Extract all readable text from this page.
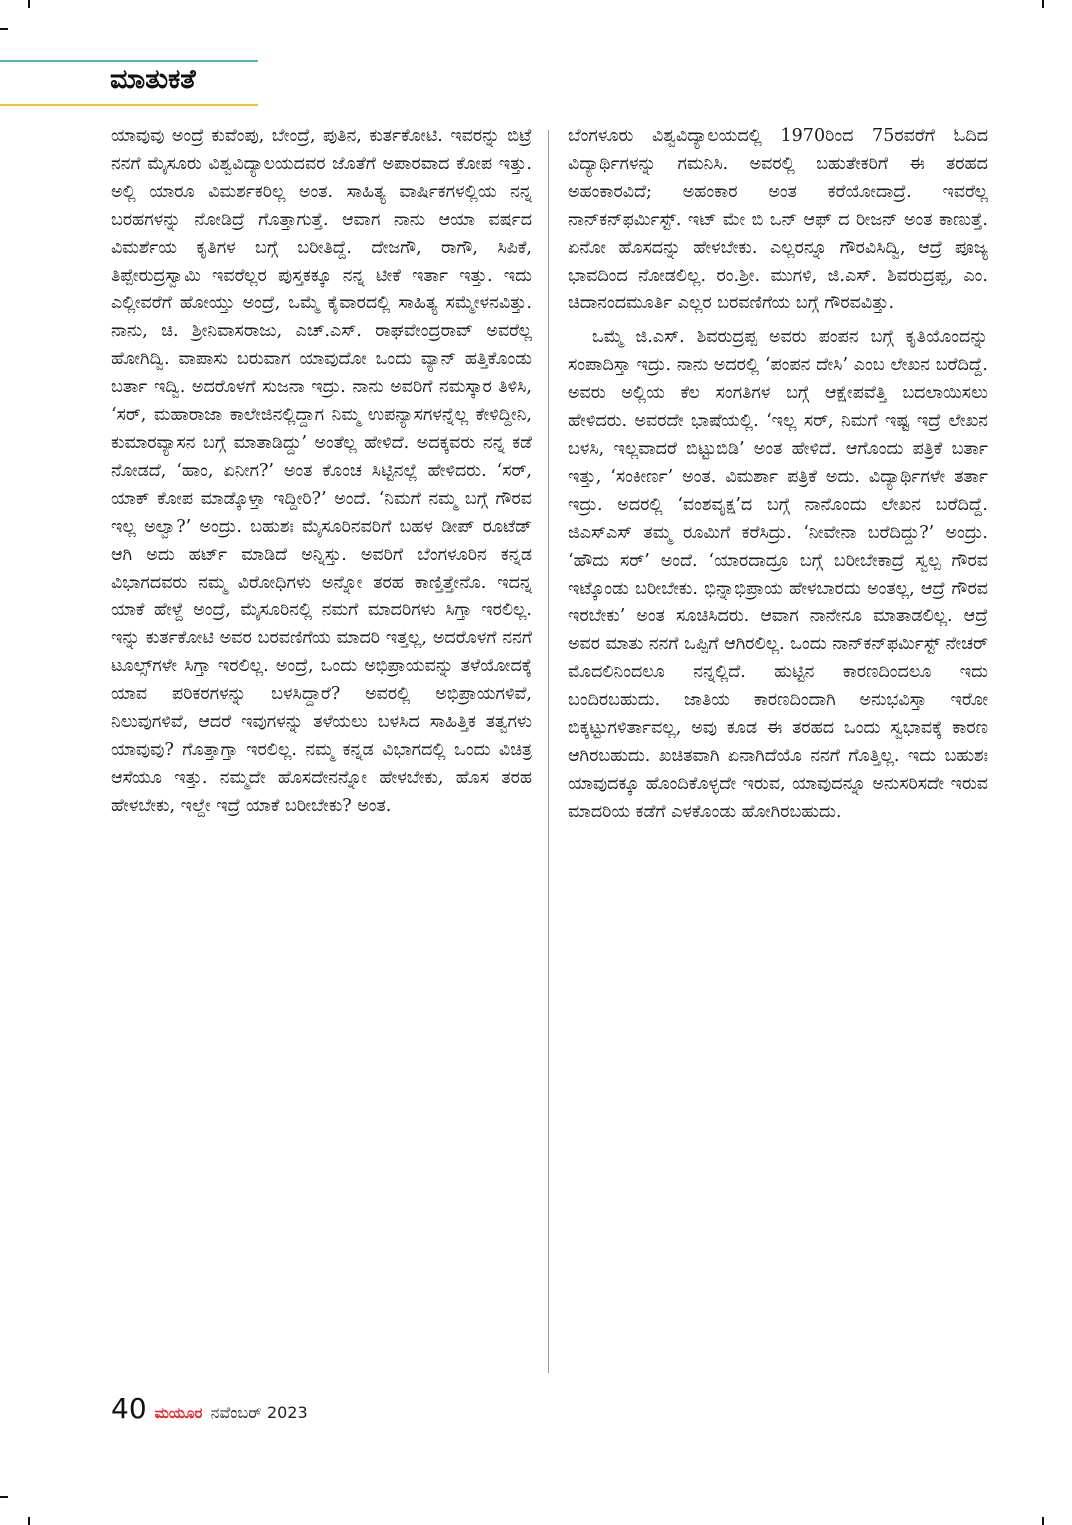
ಮಾತುಕತೆ

ಯಾವುವು ಅಂದ್ರೆ ಕುವೆಂಪು, ಬೇಂದ್ರೆ, ಪುತಿನ, ಕುರ್ತಕೋಟಿ. ಇವರನ್ನು ಬಿಟ್ರೆ ನನಗೆ ಮೈಸೂರು ವಿಶ್ವವಿದ್ಯಾಲಯದವರ ಜೊತೆಗೆ ಅಪಾರವಾದ ಕೋಪ ಇತ್ತು. ಅಲ್ಲಿ ಯಾರೂ ವಿಮರ್ಶಕರಿಲ್ಲ ಅಂತ. ಸಾಹಿತ್ಯ ವಾರ್ಷಿಕಗಳಲ್ಲಿಯ ನನ್ನ ಬರಹಗಳನ್ನು ನೋಡಿದ್ರೆ ಗೊತ್ತಾಗುತ್ತೆ. ಆವಾಗ ನಾನು ಆಯಾ ವರ್ಷದ ವಿಮರ್ಶೆಯ ಕೃತಿಗಳ ಬಗ್ಗೆ ಬರೀತಿದ್ದೆ. ದೇಜಗೌ, ರಾಗೌ, ಸಿಪಿಕೆ, ತಿಪ್ಪೇರುದ್ರಸ್ವಾಮಿ ಇವರೆಲ್ಲರ ಪುಸ್ತಕಕ್ಕೂ ನನ್ನ ಟೀಕೆ ಇರ್ತಾ ಇತ್ತು. ಇದು ಎಲ್ಲೀವರೆಗೆ ಹೋಯ್ತು ಅಂದ್ರೆ, ಒಮ್ಮೆ ಕೈವಾರದಲ್ಲಿ ಸಾಹಿತ್ಯ ಸಮ್ಮೇಳನವಿತ್ತು. ನಾನು, ಚಿ. ಶ್ರೀನಿವಾಸರಾಜು, ಎಚ್.ಎಸ್. ರಾಘವೇಂದ್ರರಾವ್ ಅವರೆಲ್ಲ ಹೋಗಿದ್ವಿ. ವಾಪಾಸು ಬರುವಾಗ ಯಾವುದೋ ಒಂದು ವ್ಯಾನ್ ಹತ್ತಿಕೊಂಡು ಬರ್ತಾ ಇದ್ವಿ. ಅದರೊಳಗೆ ಸುಜನಾ ಇದ್ರು. ನಾನು ಅವರಿಗೆ ನಮಸ್ಕಾರ ತಿಳಿಸಿ, ‘ಸರ್, ಮಹಾರಾಜಾ ಕಾಲೇಜಿನಲ್ಲಿದ್ದಾಗ ನಿಮ್ಮ ಉಪನ್ಯಾಸಗಳನ್ನೆಲ್ಲ ಕೇಳಿದ್ದೀನಿ, ಕುಮಾರವ್ಯಾಸನ ಬಗ್ಗೆ ಮಾತಾಡಿದ್ದು’ ಅಂತೆಲ್ಲ ಹೇಳಿದೆ. ಅದಕ್ಕವರು ನನ್ನ ಕಡೆ ನೋಡದೆ, ‘ಹಾಂ, ಏನೀಗ?’ ಅಂತ ಕೊಂಚ ಸಿಟ್ಟಿನಲ್ಲೆ ಹೇಳಿದರು. ‘ಸರ್, ಯಾಕ್ ಕೋಪ ಮಾಡ್ಕೊಳ್ತಾ ಇದ್ದೀರಿ?’ ಅಂದೆ. ‘ನಿಮಗೆ ನಮ್ಮ ಬಗ್ಗೆ ಗೌರವ ಇಲ್ಲ ಅಲ್ವಾ?’ ಅಂದ್ರು. ಬಹುಶಃ ಮೈಸೂರಿನವರಿಗೆ ಬಹಳ ಡೀಪ್ ರೂಟೆಡ್ ಆಗಿ ಅದು ಹರ್ಟ್ ಮಾಡಿದೆ ಅನ್ನಿಸ್ತು. ಅವರಿಗೆ ಬೆಂಗಳೂರಿನ ಕನ್ನಡ ವಿಭಾಗದವರು ನಮ್ಮ ವಿರೋಧಿಗಳು ಅನ್ನೋ ತರಹ ಕಾಣ್ತಿತ್ತೇನೊ. ಇದನ್ನ ಯಾಕೆ ಹೇಳ್ದೆ ಅಂದ್ರೆ, ಮೈಸೂರಿನಲ್ಲಿ ನಮಗೆ ಮಾದರಿಗಳು ಸಿಗ್ತಾ ಇರಲಿಲ್ಲ. ಇನ್ನು ಕುರ್ತಕೋಟಿ ಅವರ ಬರವಣಿಗೆಯ ಮಾದರಿ ಇತ್ತಲ್ಲ, ಅದರೊಳಗೆ ನನಗೆ ಟೂಲ್ಸ್‌ಗಳೇ ಸಿಗ್ತಾ ಇರಲಿಲ್ಲ. ಅಂದ್ರೆ, ಒಂದು ಅಭಿಪ್ರಾಯವನ್ನು ತಳೆಯೋದಕ್ಕೆ ಯಾವ ಪರಿಕರಗಳನ್ನು ಬಳಸಿದ್ದಾರೆ? ಅವರಲ್ಲಿ ಅಭಿಪ್ರಾಯಗಳಿವೆ, ನಿಲುವುಗಳಿವೆ, ಆದರೆ ಇವುಗಳನ್ನು ತಳೆಯಲು ಬಳಸಿದ ಸಾಹಿತ್ತಿಕ ತತ್ವಗಳು ಯಾವುವು? ಗೊತ್ತಾಗ್ತಾ ಇರಲಿಲ್ಲ. ನಮ್ಮ ಕನ್ನಡ ವಿಭಾಗದಲ್ಲಿ ಒಂದು ವಿಚಿತ್ರ ಆಸೆಯೂ ಇತ್ತು. ನಮ್ಮದೇ ಹೊಸದೇನನ್ನೋ ಹೇಳಬೇಕು, ಹೊಸ ತರಹ ಹೇಳಬೇಕು, ಇಲ್ದೇ ಇದ್ರೆ ಯಾಕೆ ಬರೀಬೇಕು? ಅಂತ.

ಬೆಂಗಳೂರು ವಿಶ್ವವಿದ್ಯಾಲಯದಲ್ಲಿ 1970ರಿಂದ 75ರವರೆಗೆ ಓದಿದ ವಿದ್ಯಾರ್ಥಿಗಳನ್ನು ಗಮನಿಸಿ. ಅವರಲ್ಲಿ ಬಹುತೇಕರಿಗೆ ಈ ತರಹದ ಅಹಂಕಾರವಿದೆ; ಅಹಂಕಾರ ಅಂತ ಕರೆಯೋದಾದ್ರೆ. ಇವರೆಲ್ಲ ನಾನ್‌ಕನ್‌ಫರ್ಮಿಸ್ಟ್. ಇಟ್ ಮೇ ಬಿ ಒನ್ ಆಫ್ ದ ರೀಜನ್ ಅಂತ ಕಾಣುತ್ತೆ. ಏನೋ ಹೊಸದನ್ನು ಹೇಳಬೇಕು. ಎಲ್ಲರನ್ನೂ ಗೌರವಿಸಿದ್ವಿ, ಆದ್ರೆ ಪೂಜ್ಯ ಭಾವದಿಂದ ನೋಡಲಿಲ್ಲ. ರಂ.ಶ್ರೀ. ಮುಗಳಿ, ಜಿ.ಎಸ್. ಶಿವರುದ್ರಪ್ಪ, ಎಂ. ಚಿದಾನಂದಮೂರ್ತಿ ಎಲ್ಲರ ಬರವಣಿಗೆಯ ಬಗ್ಗೆ ಗೌರವವಿತ್ತು.

ಒಮ್ಮೆ ಜಿ.ಎಸ್. ಶಿವರುದ್ರಪ್ಪ ಅವರು ಪಂಪನ ಬಗ್ಗೆ ಕೃತಿಯೊಂದನ್ನು ಸಂಪಾದಿಸ್ತಾ ಇದ್ರು. ನಾನು ಅದರಲ್ಲಿ ‘ಪಂಪನ ದೇಸಿ’ ಎಂಬ ಲೇಖನ ಬರೆದಿದ್ದೆ. ಅವರು ಅಲ್ಲಿಯ ಕೆಲ ಸಂಗತಿಗಳ ಬಗ್ಗೆ ಆಕ್ಷೇಪವೆತ್ತಿ ಬದಲಾಯಿಸಲು ಹೇಳಿದರು. ಅವರದೇ ಭಾಷೆಯಲ್ಲಿ. ‘ಇಲ್ಲ ಸರ್, ನಿಮಗೆ ಇಷ್ಟ ಇದ್ರೆ ಲೇಖನ ಬಳಸಿ, ಇಲ್ಲವಾದರೆ ಬಿಟ್ಟುಬಿಡಿ’ ಅಂತ ಹೇಳಿದೆ. ಆಗೊಂದು ಪತ್ರಿಕೆ ಬರ್ತಾ ಇತ್ತು, ‘ಸಂಕೀರ್ಣ’ ಅಂತ. ವಿಮರ್ಶಾ ಪತ್ರಿಕೆ ಅದು. ವಿದ್ಯಾರ್ಥಿಗಳೇ ತರ್ತಾ ಇದ್ರು. ಅದರಲ್ಲಿ ‘ವಂಶವೃಕ್ಷ’ದ ಬಗ್ಗೆ ನಾನೊಂದು ಲೇಖನ ಬರೆದಿದ್ದೆ. ಜಿಎಸ್‌ಎಸ್ ತಮ್ಮ ರೂಮಿಗೆ ಕರೆಸಿದ್ರು. ‘ನೀವೇನಾ ಬರೆದಿದ್ದು?’ ಅಂದ್ರು. ‘ಹೌದು ಸರ್’ ಅಂದೆ. ‘ಯಾರದಾದ್ರೂ ಬಗ್ಗೆ ಬರೀಬೇಕಾದ್ರೆ ಸ್ವಲ್ಪ ಗೌರವ ಇಟ್ಕೊಂಡು ಬರೀಬೇಕು. ಭಿನ್ನಾಭಿಪ್ರಾಯ ಹೇಳಬಾರದು ಅಂತಲ್ಲ, ಆದ್ರೆ ಗೌರವ ಇರಬೇಕು’ ಅಂತ ಸೂಚಿಸಿದರು. ಆವಾಗ ನಾನೇನೂ ಮಾತಾಡಲಿಲ್ಲ. ಆದ್ರೆ ಅವರ ಮಾತು ನನಗೆ ಒಪ್ಪಿಗೆ ಆಗಿರಲಿಲ್ಲ. ಒಂದು ನಾನ್‌ಕನ್‌ಫರ್ಮಿಸ್ಟ್ ನೇಚರ್ ಮೊದಲಿನಿಂದಲೂ ನನ್ನಲ್ಲಿದೆ. ಹುಟ್ಟಿನ ಕಾರಣದಿಂದಲೂ ಇದು ಬಂದಿರಬಹುದು. ಜಾತಿಯ ಕಾರಣದಿಂದಾಗಿ ಅನುಭವಿಸ್ತಾ ಇರೋ ಬಿಕ್ಕಟ್ಟುಗಳಿರ್ತಾವಲ್ಲ, ಅವು ಕೂಡ ಈ ತರಹದ ಒಂದು ಸ್ವಭಾವಕ್ಕೆ ಕಾರಣ ಆಗಿರಬಹುದು. ಖಚಿತವಾಗಿ ಏನಾಗಿದೆಯೊ ನನಗೆ ಗೊತ್ತಿಲ್ಲ. ಇದು ಬಹುಶಃ ಯಾವುದಕ್ಕೂ ಹೊಂದಿಕೊಳ್ಳದೇ ಇರುವ, ಯಾವುದನ್ನೂ ಅನುಸರಿಸದೇ ಇರುವ ಮಾದರಿಯ ಕಡೆಗೆ ಎಳಕೊಂಡು ಹೋಗಿರಬಹುದು.

40 ಮಯೂರ ನವೆಂಬರ್ 2023
